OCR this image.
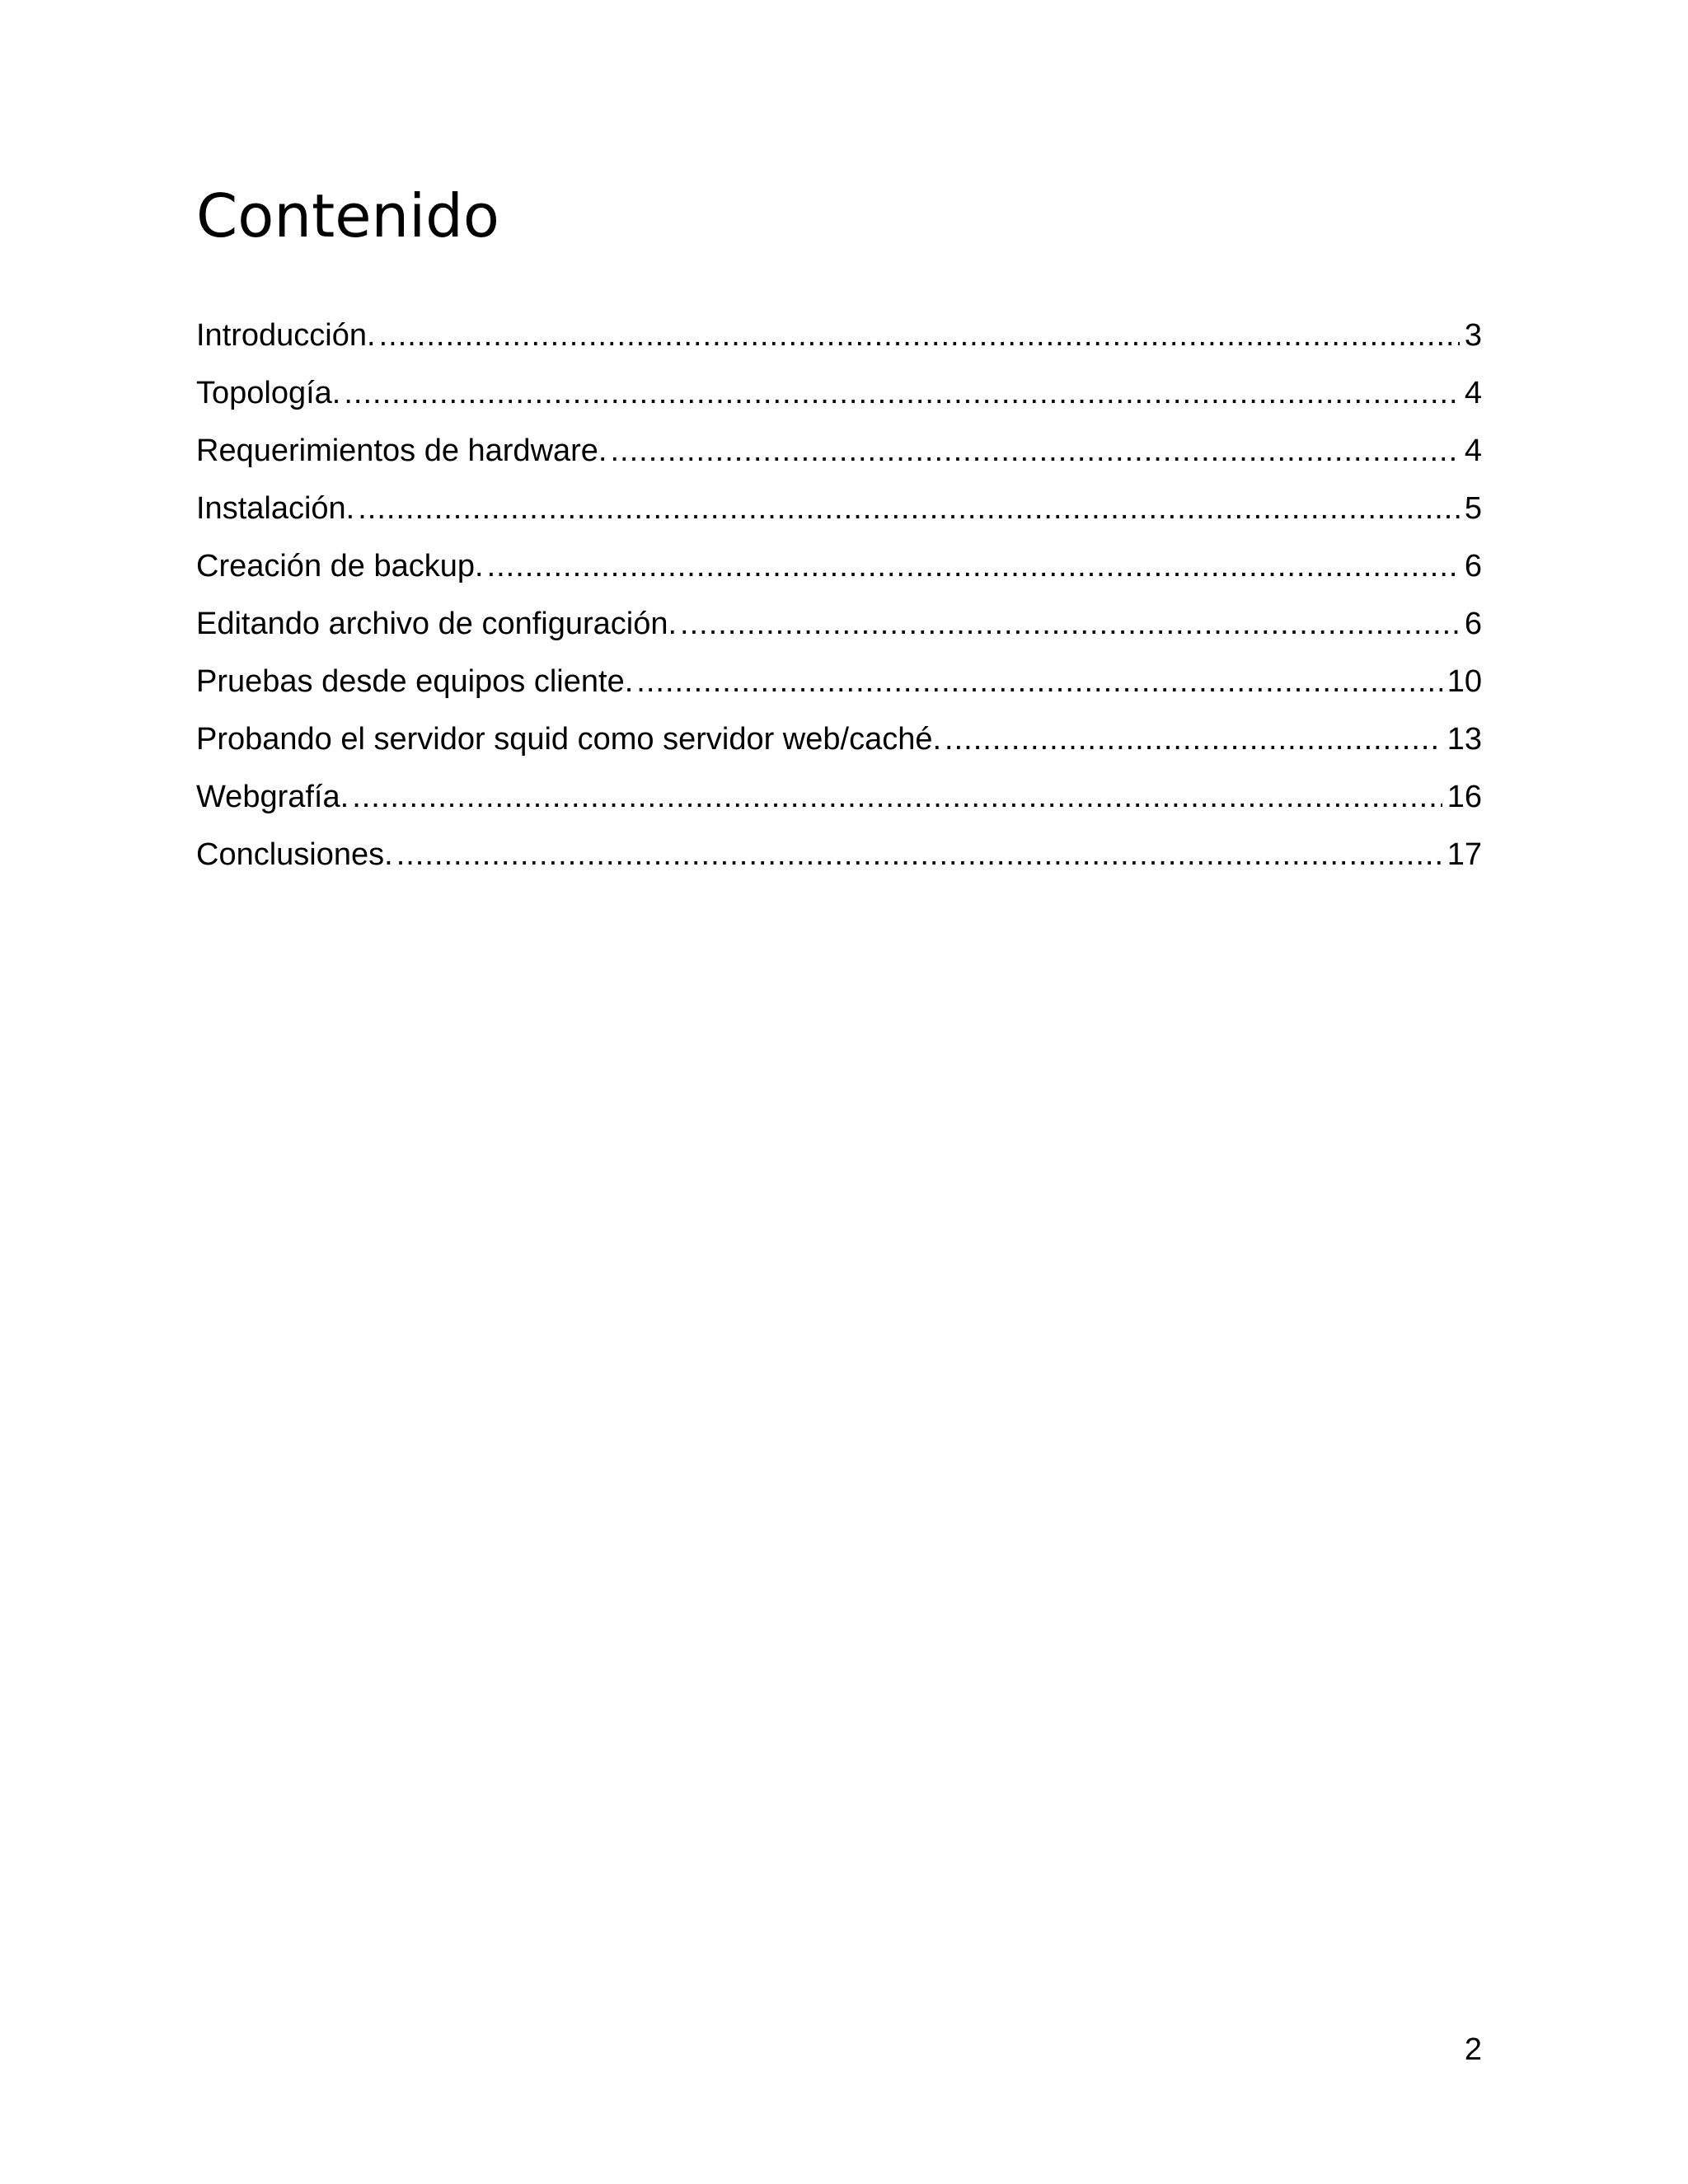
Contenido
Introducción. .....	3
Topología. .....	4
Requerimientos de hardware. .....	4
Instalación. .....	5
Creación de backup. .....	6
Editando archivo de configuración. .....	6
Pruebas desde equipos cliente. .....	10
Probando el servidor squid como servidor web/caché. .....	13
Webgrafía. .....	16
Conclusiones. .....	17
2
